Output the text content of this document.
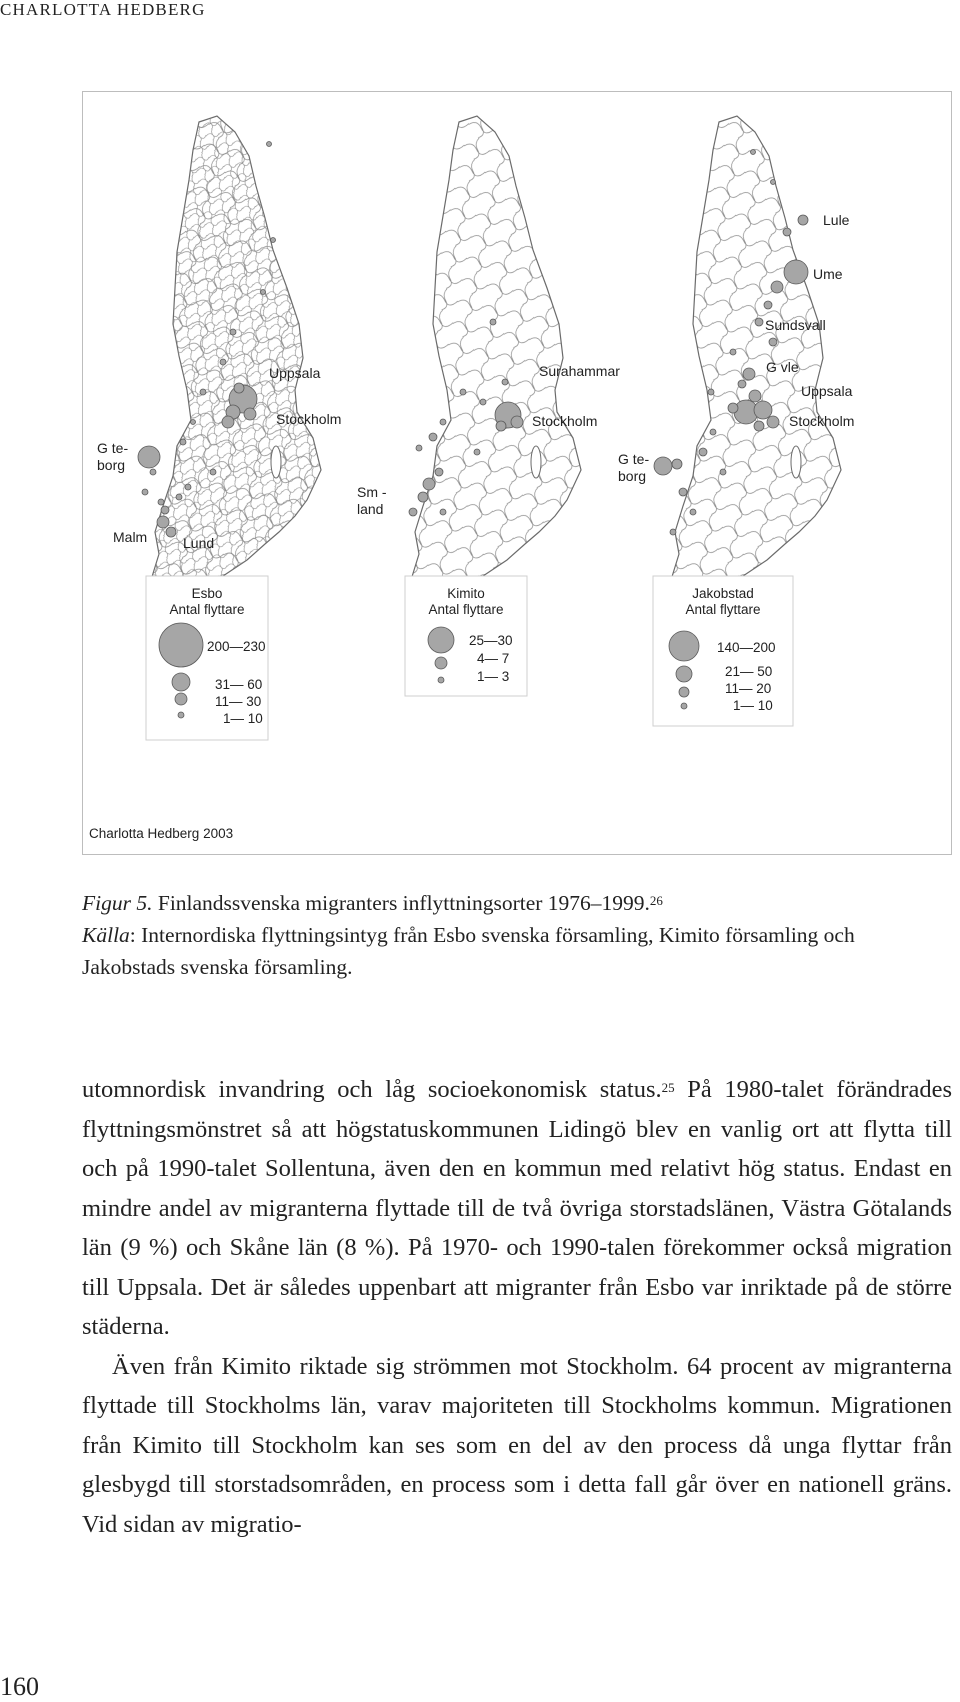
CHARLOTTA HEDBERG
Uppsala
Stockholm
G te-
borg
Malm	Lund
Surahammar
Stockholm
Sm -
land
Lule
Ume
Sundsvall
G vle
Uppsala
Stockholm
G te-
borg
Esbo
Antal flyttare
200—230
31— 60
11— 30
1— 10
Kimito
Antal flyttare
25—30
4— 7
1— 3
Jakobstad
Antal flyttare
140—200
21— 50
11— 20
1— 10
Charlotta Hedberg 2003

Figur 5. Finlandssvenska migranters inflyttningsorter 1976–1999.26

Källa: Internordiska flyttningsintyg från Esbo svenska församling, Kimito församling och Jakobstads svenska församling.

utomnordisk invandring och låg socioekonomisk status.$^{25}$ På 1980-talet förändrades flyttningsmönstret så att högstatuskommunen Lidingö blev en vanlig ort att flytta till och på 1990-talet Sollentuna, även den en kommun med relativt hög status. Endast en mindre andel av migranterna flyttade till de två övriga storstadslänen, Västra Götalands län (9 %) och Skåne län (8 %). På 1970- och 1990-talen förekommer också migration till Uppsala. Det är således uppenbart att migranter från Esbo var inriktade på de större städerna.

Även från Kimito riktade sig strömmen mot Stockholm. 64 procent av migranterna flyttade till Stockholms län, varav majoriteten till Stockholms kommun. Migrationen från Kimito till Stockholm kan ses som en del av den process då unga flyttar från glesbygd till storstadsområden, en process som i detta fall går över en nationell gräns. Vid sidan av migratio-

160
